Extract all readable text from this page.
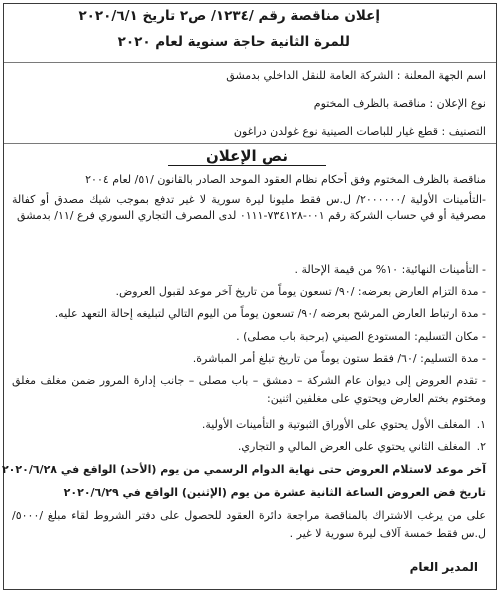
إعلان مناقصة رقم /١٢٣٤/ ص٢ تاريخ ٢٠٢٠/٦/١
للمرة الثانية حاجة سنوية لعام ٢٠٢٠
اسم الجهة المعلنة : الشركة العامة للنقل الداخلي بدمشق
نوع الإعلان : مناقصة بالظرف المختوم
التصنيف : قطع غيار للباصات الصينية نوع غولدن دراغون
نص الإعلان
مناقصة بالظرف المختوم وفق أحكام نظام العقود الموحد الصادر بالقانون /٥١/ لعام ٢٠٠٤
-التأمينات الأولية /٢٠٠٠٠٠٠/ ل.س فقط مليونا ليرة سورية لا غير تدفع بموجب شيك مصدق أو كفالة مصرفية أو في حساب الشركة رقم ٠٠١-٧٣٤١٢٨-٠١١١ لدى المصرف التجاري السوري فرع /١١/ بدمشق
- التأمينات النهائية: ١٠% من قيمة الإحالة .
- مدة التزام العارض بعرضه: /٩٠/ تسعون يوماً من تاريخ آخر موعد لقبول العروض.
- مدة ارتباط العارض المرشح بعرضه /٩٠/ تسعون يوماً من اليوم التالي لتبليغه إحالة التعهد عليه.
- مكان التسليم: المستودع الصيني (برحبة باب مصلى) .
- مدة التسليم: /٦٠/ فقط ستون يوماً من تاريخ تبلغ أمر المباشرة.
- تقدم العروض إلى ديوان عام الشركة – دمشق – باب مصلى – جانب إدارة المرور ضمن مغلف مغلق ومختوم بختم العارض ويحتوي على مغلفين اثنين:
١.المغلف الأول يحتوي على الأوراق الثبوتية و التأمينات الأولية.
٢.المغلف الثاني يحتوي على العرض المالي و التجاري.
آخر موعد لاستلام العروض حتى نهاية الدوام الرسمي من يوم (الأحد) الواقع في ٢٠٢٠/٦/٢٨
تاريخ فض العروض الساعة الثانية عشرة من يوم (الإثنين) الواقع في ٢٠٢٠/٦/٢٩
على من يرغب الاشتراك بالمناقصة مراجعة دائرة العقود للحصول على دفتر الشروط لقاء مبلغ /٥٠٠٠/ ل.س فقط خمسة آلاف ليرة سورية لا غير .
المدير العام
